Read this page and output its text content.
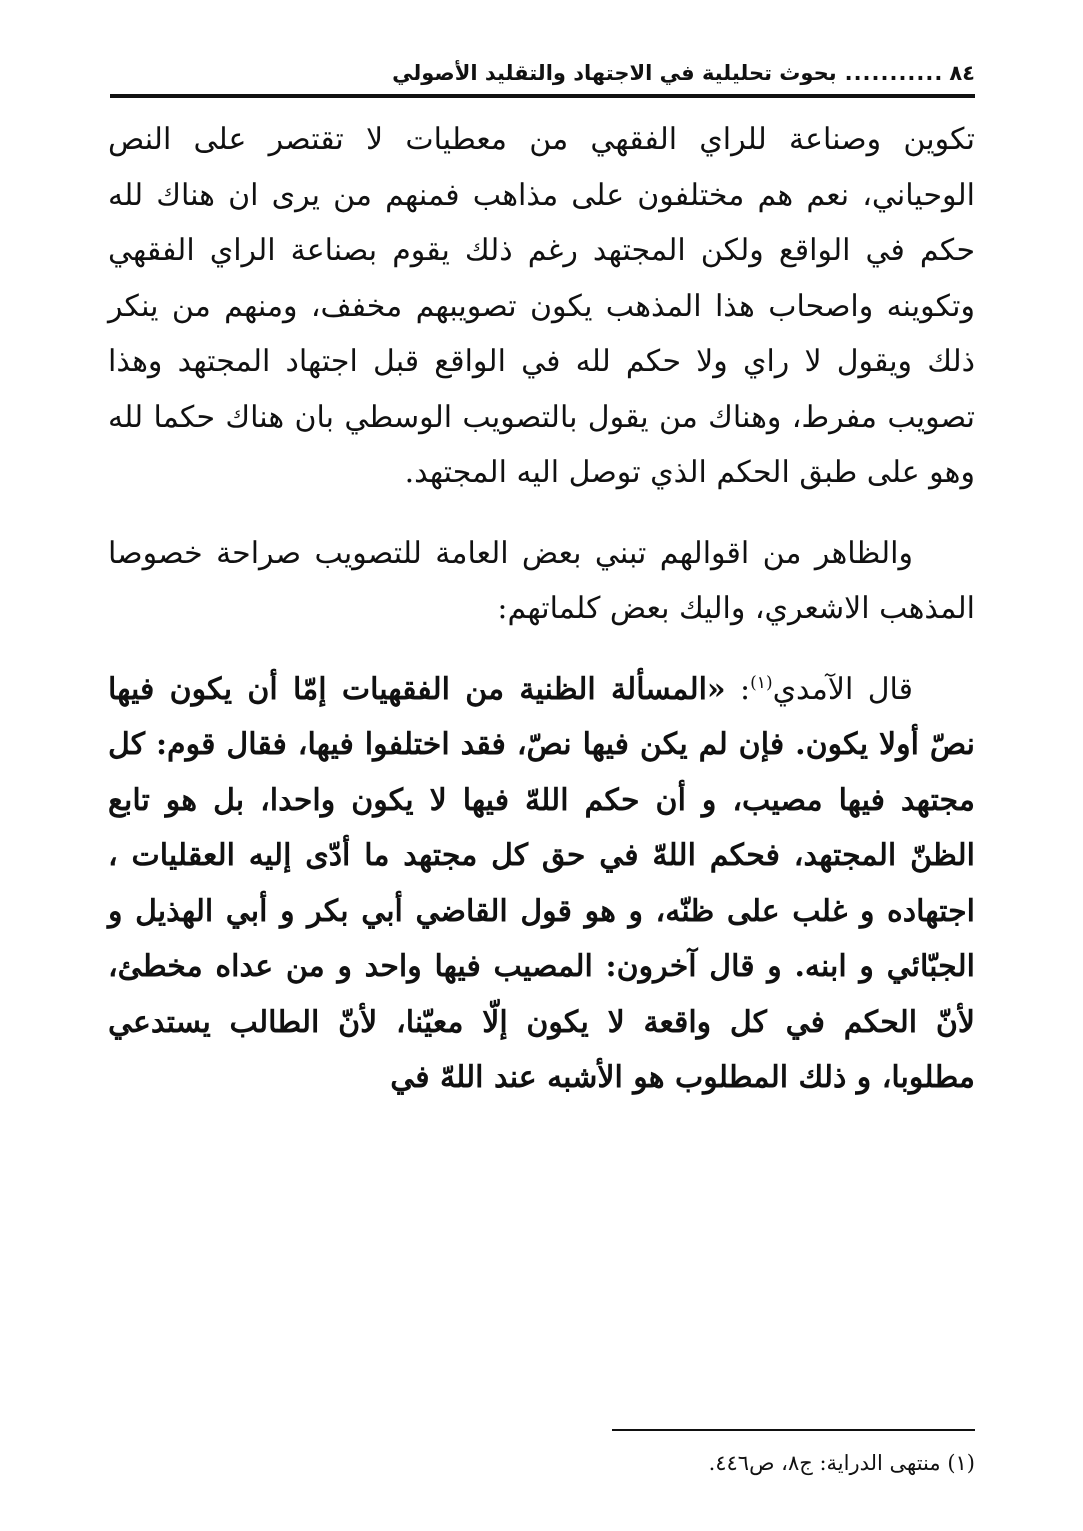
٨٤
...........
بحوث تحليلية في الاجتهاد والتقليد الأصولي

تكوين وصناعة للراي الفقهي من معطيات لا تقتصر على النص الوحياني، نعم هم مختلفون على مذاهب فمنهم من يرى ان هناك لله حكم في الواقع ولكن المجتهد رغم ذلك يقوم بصناعة الراي الفقهي وتكوينه واصحاب هذا المذهب يكون تصويبهم مخفف، ومنهم من ينكر ذلك ويقول لا راي ولا حكم لله في الواقع قبل اجتهاد المجتهد وهذا تصويب مفرط، وهناك من يقول بالتصويب الوسطي بان هناك حكما لله وهو على طبق الحكم الذي توصل اليه المجتهد.

والظاهر من اقوالهم تبني بعض العامة للتصويب صراحة خصوصا المذهب الاشعري، واليك بعض كلماتهم:

قال الآمدي$^{(١)}$: «المسألة الظنية من الفقهيات إمّا أن يكون فيها نصّ أولا يكون. فإن لم يكن فيها نصّ، فقد اختلفوا فيها، فقال قوم: كل مجتهد فيها مصيب، و أن حكم اللهّ فيها لا يكون واحدا، بل هو تابع الظنّ المجتهد، فحكم اللهّ في حق كل مجتهد ما أدّى إليه العقليات ، اجتهاده و غلب على ظنّه، و هو قول القاضي أبي بكر و أبي الهذيل و الجبّائي و ابنه. و قال آخرون: المصيب فيها واحد و من عداه مخطئ، لأنّ الحكم في كل واقعة لا يكون إلّا معيّنا، لأنّ الطالب يستدعي مطلوبا، و ذلك المطلوب هو الأشبه عند اللهّ في

(١) منتهى الدراية: ج٨، ص٤٤٦.
